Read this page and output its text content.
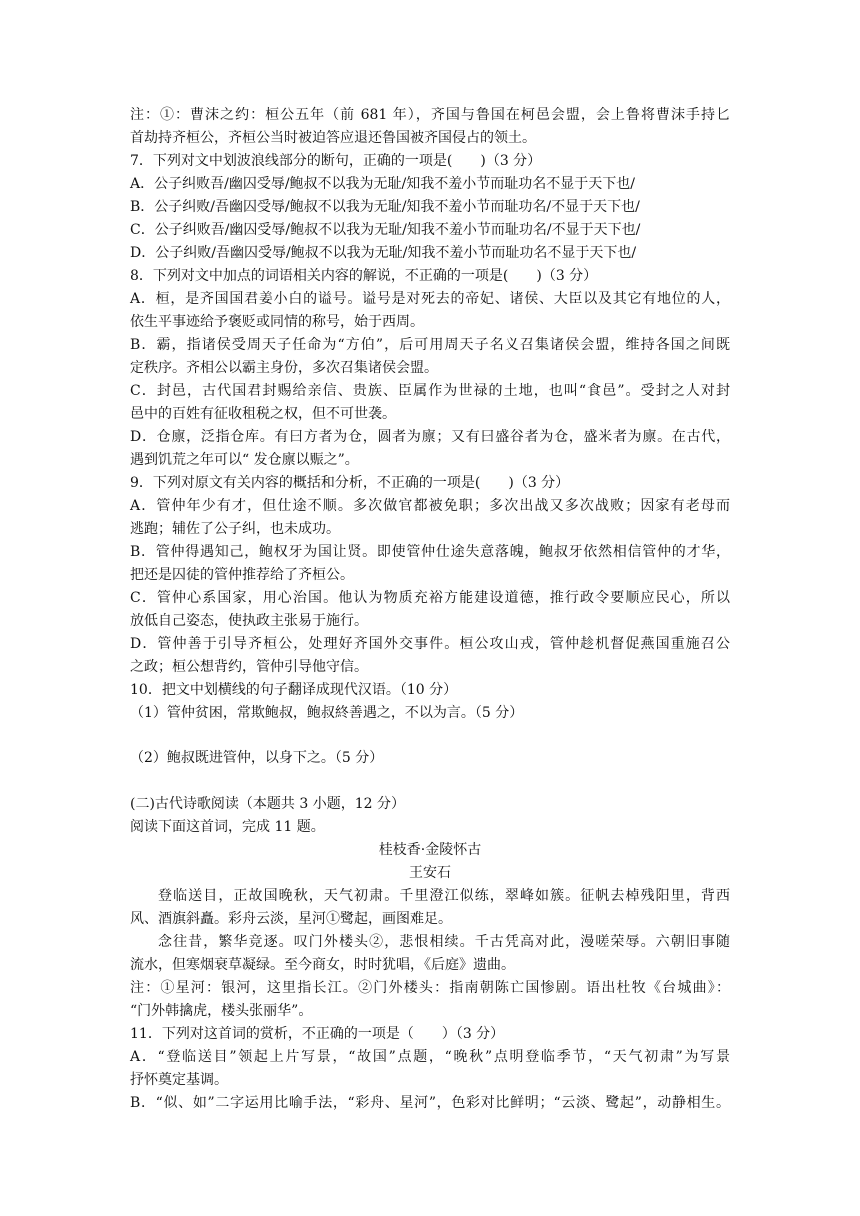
注：①：曹沫之约：桓公五年（前 681 年），齐国与鲁国在柯邑会盟，会上鲁将曹沫手持匕
首劫持齐桓公，齐桓公当时被迫答应退还鲁国被齐国侵占的领土。
7．下列对文中划波浪线部分的断句，正确的一项是(　　)（3 分）
A．公子纠败吾/幽囚受辱/鲍叔不以我为无耻/知我不羞小节而耻功名不显于天下也/
B．公子纠败/吾幽囚受辱/鲍叔不以我为无耻/知我不羞小节而耻功名/不显于天下也/
C．公子纠败吾/幽囚受辱/鲍叔不以我为无耻/知我不羞小节而耻功名/不显于天下也/
D．公子纠败/吾幽囚受辱/鲍叔不以我为无耻/知我不羞小节而耻功名不显于天下也/
8．下列对文中加点的词语相关内容的解说，不正确的一项是(　　)（3 分）
A．桓，是齐国国君姜小白的谥号。谥号是对死去的帝妃、诸侯、大臣以及其它有地位的人，
依生平事迹给予褒贬或同情的称号，始于西周。
B．霸，指诸侯受周天子任命为“方伯”，后可用周天子名义召集诸侯会盟，维持各国之间既
定秩序。齐相公以霸主身份，多次召集诸侯会盟。
C．封邑，古代国君封赐给亲信、贵族、臣属作为世禄的土地，也叫“食邑”。受封之人对封
邑中的百姓有征收租税之权，但不可世袭。
D．仓廪，泛指仓库。有曰方者为仓，圆者为廪；又有曰盛谷者为仓，盛米者为廪。在古代，
遇到饥荒之年可以“ 发仓廪以赈之”。
9．下列对原文有关内容的概括和分析，不正确的一项是(　　)（3 分）
A．管仲年少有才，但仕途不顺。多次做官都被免职；多次出战又多次战败；因家有老母而
逃跑；辅佐了公子纠，也未成功。
B．管仲得遇知己，鲍权牙为国让贤。即使管仲仕途失意落魄，鲍叔牙依然相信管仲的才华，
把还是囚徒的管仲推荐给了齐桓公。
C．管仲心系国家，用心治国。他认为物质充裕方能建设道德，推行政令要顺应民心，所以
放低自己姿态，使执政主张易于施行。
D．管仲善于引导齐桓公，处理好齐国外交事件。桓公攻山戎，管仲趁机督促燕国重施召公
之政；桓公想背约，管仲引导他守信。
10．把文中划横线的句子翻译成现代汉语。（10 分）
（1）管仲贫困，常欺鲍叔，鲍叔終善遇之，不以为言。（5 分）
（2）鲍叔既进管仲，以身下之。（5 分）
(二)古代诗歌阅读（本题共 3 小题，12 分）
阅读下面这首词，完成 11 题。
桂枝香·金陵怀古
王安石
登临送目，正故国晚秋，天气初肃。千里澄江似练，翠峰如簇。征帆去棹残阳里，背西
风、酒旗斜矗。彩舟云淡，星河①鹭起，画图难足。
念往昔，繁华竞逐。叹门外楼头②，悲恨相续。千古凭高对此，漫嗟荣辱。六朝旧事随
流水，但寒烟衰草凝绿。至今商女，时时犹唱，《后庭》遗曲。
注：①星河：银河，这里指长江。②门外楼头：指南朝陈亡国惨剧。语出杜牧《台城曲》：
“门外韩擒虎，楼头张丽华”。
11．下列对这首词的赏析，不正确的一项是（　　）（3 分）
A．“登临送目”领起上片写景，“故国”点题，“晚秋”点明登临季节，“天气初肃”为写景
抒怀奠定基调。
B．“似、如”二字运用比喻手法，“彩舟、星河”，色彩对比鲜明；“云淡、鹭起”，动静相生。
